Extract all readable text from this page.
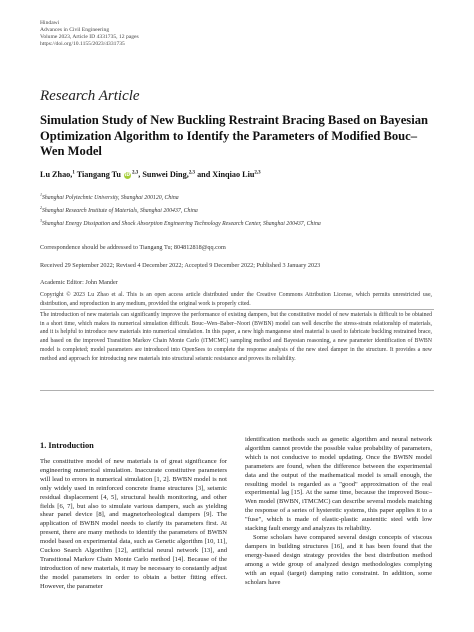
Hindawi
Advances in Civil Engineering
Volume 2023, Article ID 4331735, 12 pages
https://doi.org/10.1155/2023/4331735
Research Article
Simulation Study of New Buckling Restraint Bracing Based on Bayesian Optimization Algorithm to Identify the Parameters of Modified Bouc–Wen Model
Lu Zhao,$^1$ Tiangang Tu iD$^{2,3}$, Sunwei Ding,$^{2,3}$ and Xinqiao Liu$^{2,3}$
$^1$Shanghai Polytechnic University, Shanghai 200120, China
$^2$Shanghai Research Institute of Materials, Shanghai 200437, China
$^3$Shanghai Energy Dissipation and Shock Absorption Engineering Technology Research Center, Shanghai 200437, China
Correspondence should be addressed to Tiangang Tu; 804812818@qq.com
Received 29 September 2022; Revised 4 December 2022; Accepted 9 December 2022; Published 3 January 2023
Academic Editor: John Mander
Copyright © 2023 Lu Zhao et al. This is an open access article distributed under the Creative Commons Attribution License, which permits unrestricted use, distribution, and reproduction in any medium, provided the original work is properly cited.
The introduction of new materials can significantly improve the performance of existing dampers, but the constitutive model of new materials is difficult to be obtained in a short time, which makes its numerical simulation difficult. Bouc–Wen–Baber–Noori (BWBN) model can well describe the stress-strain relationship of materials, and it is helpful to introduce new materials into numerical simulation. In this paper, a new high manganese steel material is used to fabricate buckling restrained brace, and based on the improved Transition Markov Chain Monte Carlo (iTMCMC) sampling method and Bayesian reasoning, a new parameter identification of BWBN model is completed; model parameters are introduced into OpenSees to complete the response analysis of the new steel damper in the structure. It provides a new method and approach for introducing new materials into structural seismic resistance and proves its reliability.
1. Introduction

The constitutive model of new materials is of great significance for engineering numerical simulation. Inaccurate constitutive parameters will lead to errors in numerical simulation [1, 2]. BWBN model is not only widely used in reinforced concrete frame structures [3], seismic residual displacement [4, 5], structural health monitoring, and other fields [6, 7], but also to simulate various dampers, such as yielding shear panel device [8], and magnetorheological dampers [9]. The application of BWBN model needs to clarify its parameters first. At present, there are many methods to identify the parameters of BWBN model based on experimental data, such as Genetic algorithm [10, 11], Cuckoo Search Algorithm [12], artificial neural network [13], and Transitional Markov Chain Monte Carlo method [14]. Because of the introduction of new materials, it may be necessary to constantly adjust the model parameters in order to obtain a better fitting effect. However, the parameter

identification methods such as genetic algorithm and neural network algorithm cannot provide the possible value probability of parameters, which is not conducive to model updating. Once the BWBN model parameters are found, when the difference between the experimental data and the output of the mathematical model is small enough, the resulting model is regarded as a "good" approximation of the real experimental lag [15]. At the same time, because the improved Bouc–Wen model (BWBN, iTMCMC) can describe several models matching the response of a series of hysteretic systems, this paper applies it to a "fuse", which is made of elastic-plastic austenitic steel with low stacking fault energy and analyzes its reliability.

Some scholars have compared several design concepts of viscous dampers in building structures [16], and it has been found that the energy-based design strategy provides the best distribution method among a wide group of analyzed design methodologies complying with an equal (target) damping ratio constraint. In addition, some scholars have
